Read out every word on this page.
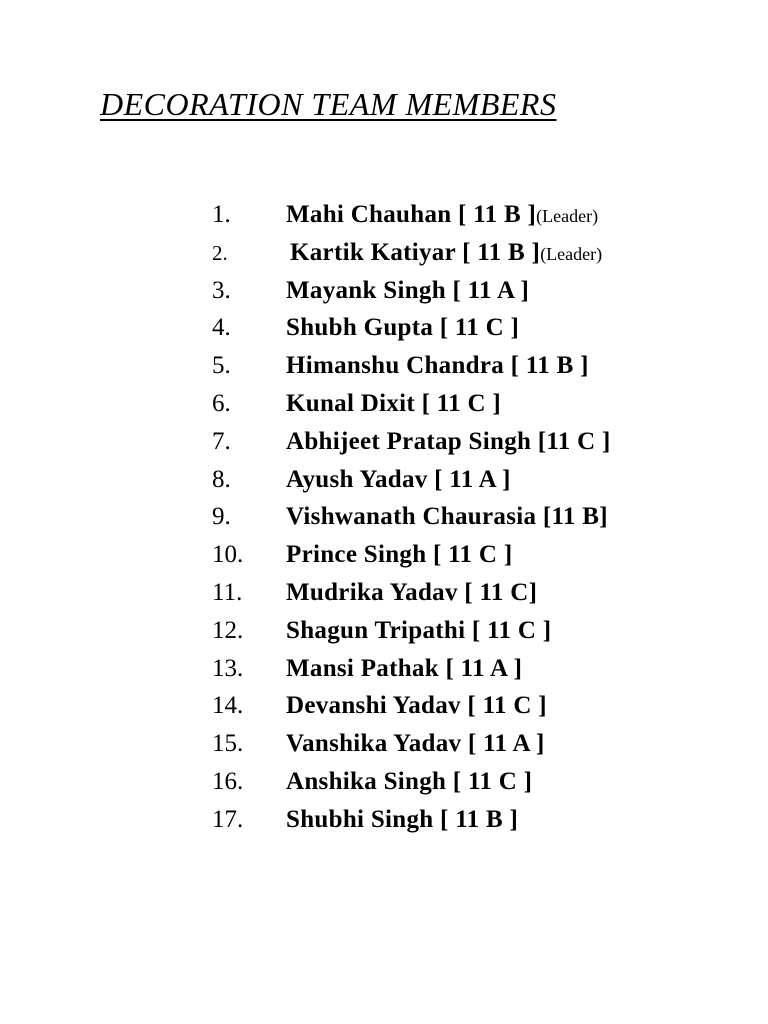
DECORATION TEAM MEMBERS
1.	Mahi Chauhan [ 11 B ] (Leader)
2.	Kartik Katiyar [ 11 B ] (Leader)
3.	Mayank Singh [ 11 A ]
4.	Shubh Gupta [ 11 C ]
5.	Himanshu Chandra [ 11 B ]
6.	Kunal Dixit [ 11 C ]
7.	Abhijeet Pratap Singh [11 C ]
8.	Ayush Yadav [ 11 A ]
9.	Vishwanath Chaurasia [11 B]
10.	Prince Singh [ 11 C ]
11.	Mudrika Yadav [ 11 C]
12.	Shagun Tripathi [ 11 C ]
13.	Mansi Pathak [ 11 A ]
14.	Devanshi Yadav [ 11 C ]
15.	Vanshika Yadav [ 11 A ]
16.	Anshika Singh [ 11 C ]
17.	Shubhi Singh [ 11 B ]
